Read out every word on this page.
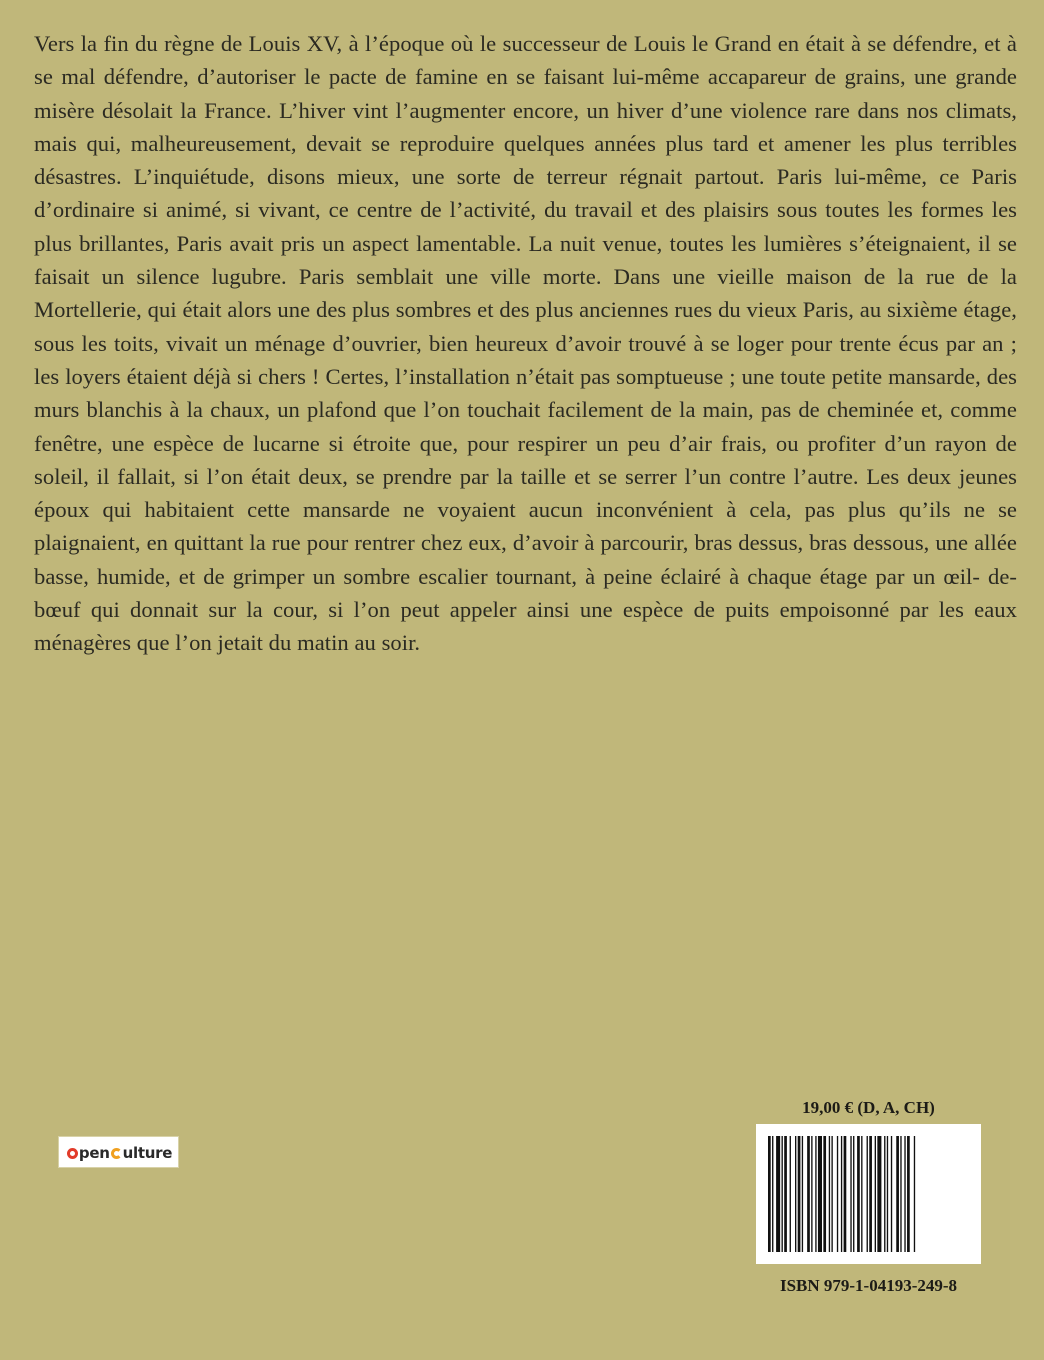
Vers la fin du règne de Louis XV, à l’époque où le successeur de Louis le Grand en était à se défendre, et à se mal défendre, d’autoriser le pacte de famine en se faisant lui-même accapareur de grains, une grande misère désolait la France. L’hiver vint l’augmenter encore, un hiver d’une violence rare dans nos climats, mais qui, malheureusement, devait se reproduire quelques années plus tard et amener les plus terribles désastres. L’inquiétude, disons mieux, une sorte de terreur régnait partout. Paris lui-même, ce Paris d’ordinaire si animé, si vivant, ce centre de l’activité, du travail et des plaisirs sous toutes les formes les plus brillantes, Paris avait pris un aspect lamentable. La nuit venue, toutes les lumières s’éteignaient, il se faisait un silence lugubre. Paris semblait une ville morte. Dans une vieille maison de la rue de la Mortellerie, qui était alors une des plus sombres et des plus anciennes rues du vieux Paris, au sixième étage, sous les toits, vivait un ménage d’ouvrier, bien heureux d’avoir trouvé à se loger pour trente écus par an ; les loyers étaient déjà si chers ! Certes, l’installation n’était pas somptueuse ; une toute petite mansarde, des murs blanchis à la chaux, un plafond que l’on touchait facilement de la main, pas de cheminée et, comme fenêtre, une espèce de lucarne si étroite que, pour respirer un peu d’air frais, ou profiter d’un rayon de soleil, il fallait, si l’on était deux, se prendre par la taille et se serrer l’un contre l’autre. Les deux jeunes époux qui habitaient cette mansarde ne voyaient aucun inconvénient à cela, pas plus qu’ils ne se plaignaient, en quittant la rue pour rentrer chez eux, d’avoir à parcourir, bras dessus, bras dessous, une allée basse, humide, et de grimper un sombre escalier tournant, à peine éclairé à chaque étage par un œil- de-bœuf qui donnait sur la cour, si l’on peut appeler ainsi une espèce de puits empoisonné par les eaux ménagères que l’on jetait du matin au soir.

pen ulture
19,00 € (D, A, CH)
ISBN 979-1-04193-249-8
